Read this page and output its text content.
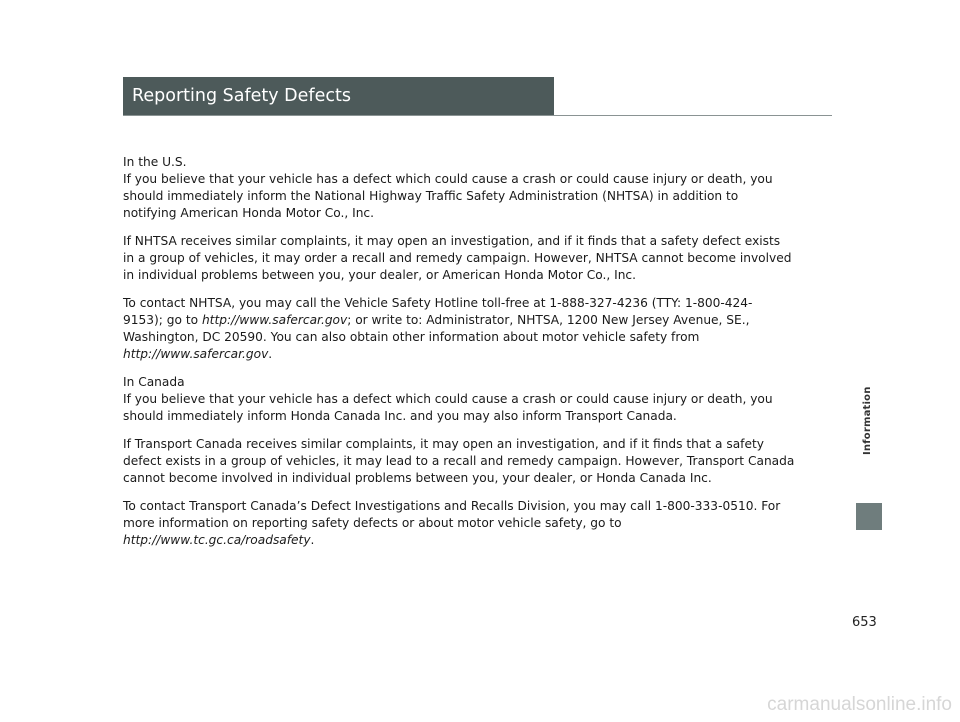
Reporting Safety Defects

In the U.S.
If you believe that your vehicle has a defect which could cause a crash or could cause injury or death, you
should immediately inform the National Highway Traffic Safety Administration (NHTSA) in addition to
notifying American Honda Motor Co., Inc.

If NHTSA receives similar complaints, it may open an investigation, and if it finds that a safety defect exists
in a group of vehicles, it may order a recall and remedy campaign. However, NHTSA cannot become involved
in individual problems between you, your dealer, or American Honda Motor Co., Inc.

To contact NHTSA, you may call the Vehicle Safety Hotline toll-free at 1-888-327-4236 (TTY: 1-800-424-
9153); go to http://www.safercar.gov; or write to: Administrator, NHTSA, 1200 New Jersey Avenue, SE.,
Washington, DC 20590. You can also obtain other information about motor vehicle safety from
http://www.safercar.gov.

In Canada
If you believe that your vehicle has a defect which could cause a crash or could cause injury or death, you
should immediately inform Honda Canada Inc. and you may also inform Transport Canada.

If Transport Canada receives similar complaints, it may open an investigation, and if it finds that a safety
defect exists in a group of vehicles, it may lead to a recall and remedy campaign. However, Transport Canada
cannot become involved in individual problems between you, your dealer, or Honda Canada Inc.

To contact Transport Canada’s Defect Investigations and Recalls Division, you may call 1-800-333-0510. For
more information on reporting safety defects or about motor vehicle safety, go to
http://www.tc.gc.ca/roadsafety.

Information
653
carmanualsonline.info
